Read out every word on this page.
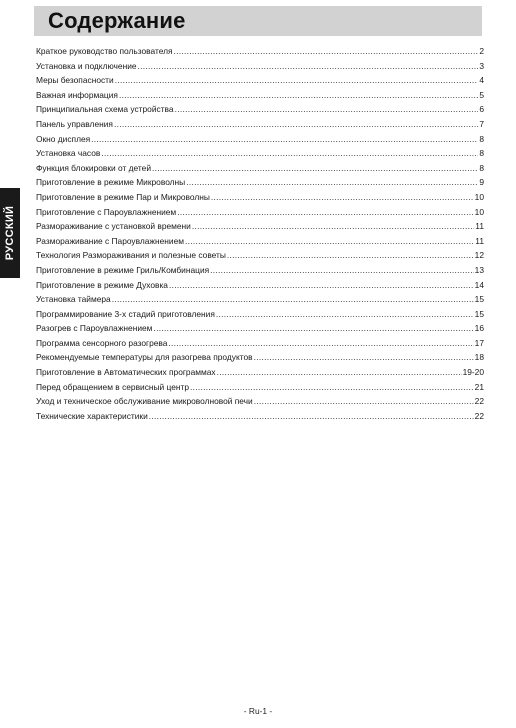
Содержание
РУССКИЙ
Краткое руководство пользователя .....	2
Установка и подключение .....	3
Меры безопасности .....	4
Важная информация .....	5
Принципиальная схема устройства .....	6
Панель управления .....	7
Окно дисплея .....	8
Установка часов .....	8
Функция блокировки от детей .....	8
Приготовление в режиме Микроволны .....	9
Приготовление в режиме Пар и Микроволны .....	10
Приготовление с Пароувлажнением .....	10
Размораживание с установкой времени .....	11
Размораживание с Пароувлажнением .....	11
Технология Размораживания и полезные советы .....	12
Приготовление в режиме Гриль/Комбинация .....	13
Приготовление в режиме Духовка .....	14
Установка таймера .....	15
Программирование 3-х стадий приготовления .....	15
Разогрев с Пароувлажнением .....	16
Программа сенсорного разогрева .....	17
Рекомендуемые температуры для разогрева продуктов .....	18
Приготовление в Автоматических программах .....	19-20
Перед обращением в сервисный центр .....	21
Уход и техническое обслуживание микроволновой печи .....	22
Технические характеристики .....	22
- Ru-1 -
